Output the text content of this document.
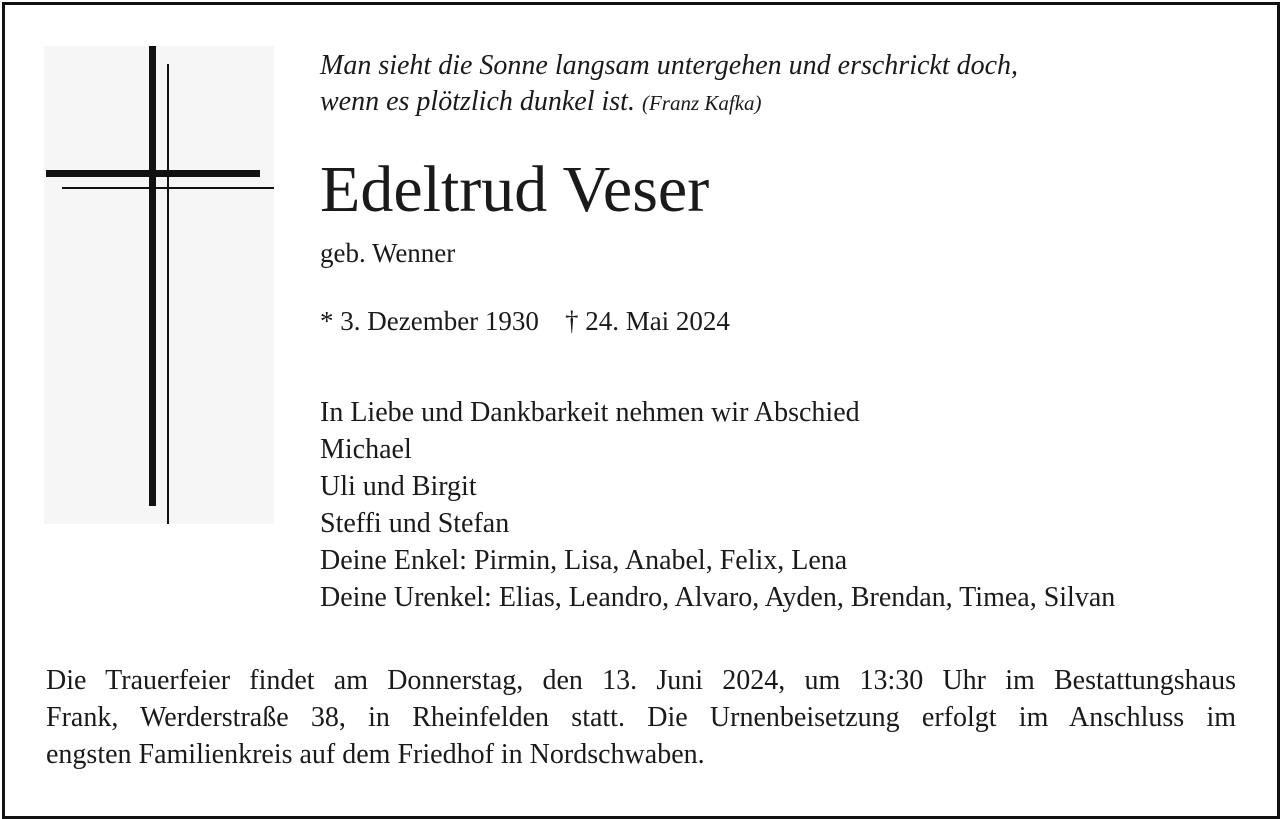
Man sieht die Sonne langsam untergehen und erschrickt doch,
wenn es plötzlich dunkel ist. (Franz Kafka)
Edeltrud Veser
geb. Wenner
* 3. Dezember 1930 † 24. Mai 2024
In Liebe und Dankbarkeit nehmen wir Abschied
Michael
Uli und Birgit
Steffi und Stefan
Deine Enkel: Pirmin, Lisa, Anabel, Felix, Lena
Deine Urenkel: Elias, Leandro, Alvaro, Ayden, Brendan, Timea, Silvan
Die Trauerfeier findet am Donnerstag, den 13. Juni 2024, um 13:30 Uhr im Bestattungshaus
Frank, Werderstraße 38, in Rheinfelden statt. Die Urnenbeisetzung erfolgt im Anschluss im
engsten Familienkreis auf dem Friedhof in Nordschwaben.
